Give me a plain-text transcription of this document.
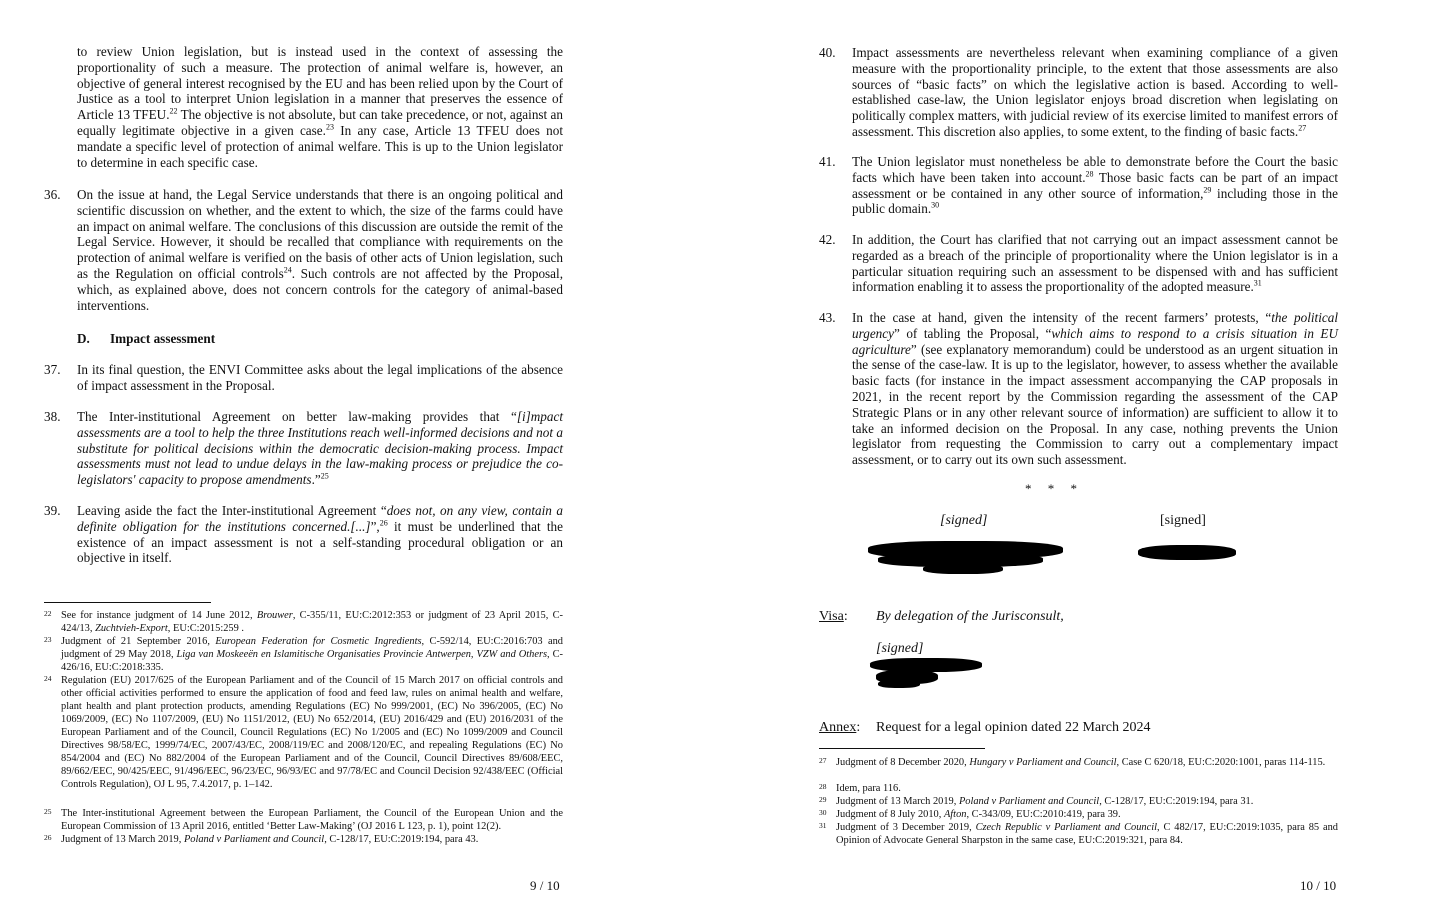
to review Union legislation, but is instead used in the context of assessing the proportionality of such a measure. The protection of animal welfare is, however, an objective of general interest recognised by the EU and has been relied upon by the Court of Justice as a tool to interpret Union legislation in a manner that preserves the essence of Article 13 TFEU.$^{22}$ The objective is not absolute, but can take precedence, or not, against an equally legitimate objective in a given case.$^{23}$ In any case, Article 13 TFEU does not mandate a specific level of protection of animal welfare. This is up to the Union legislator to determine in each specific case.
36. On the issue at hand, the Legal Service understands that there is an ongoing political and scientific discussion on whether, and the extent to which, the size of the farms could have an impact on animal welfare. The conclusions of this discussion are outside the remit of the Legal Service. However, it should be recalled that compliance with requirements on the protection of animal welfare is verified on the basis of other acts of Union legislation, such as the Regulation on official controls$^{24}$. Such controls are not affected by the Proposal, which, as explained above, does not concern controls for the category of animal-based interventions.
D. Impact assessment
37. In its final question, the ENVI Committee asks about the legal implications of the absence of impact assessment in the Proposal.
38. The Inter-institutional Agreement on better law-making provides that “[i]mpact assessments are a tool to help the three Institutions reach well-informed decisions and not a substitute for political decisions within the democratic decision-making process. Impact assessments must not lead to undue delays in the law-making process or prejudice the co-legislators' capacity to propose amendments.”$^{25}$
39. Leaving aside the fact the Inter-institutional Agreement “does not, on any view, contain a definite obligation for the institutions concerned.[...]”,$^{26}$ it must be underlined that the existence of an impact assessment is not a self-standing procedural obligation or an objective in itself.
22 See for instance judgment of 14 June 2012, Brouwer, C-355/11, EU:C:2012:353 or judgment of 23 April 2015, C-424/13, Zuchtvieh-Export, EU:C:2015:259 .
23 Judgment of 21 September 2016, European Federation for Cosmetic Ingredients, C-592/14, EU:C:2016:703 and judgment of 29 May 2018, Liga van Moskeeën en Islamitische Organisaties Provincie Antwerpen, VZW and Others, C-426/16, EU:C:2018:335.
24 Regulation (EU) 2017/625 of the European Parliament and of the Council of 15 March 2017 on official controls and other official activities performed to ensure the application of food and feed law, rules on animal health and welfare, plant health and plant protection products, amending Regulations (EC) No 999/2001, (EC) No 396/2005, (EC) No 1069/2009, (EC) No 1107/2009, (EU) No 1151/2012, (EU) No 652/2014, (EU) 2016/429 and (EU) 2016/2031 of the European Parliament and of the Council, Council Regulations (EC) No 1/2005 and (EC) No 1099/2009 and Council Directives 98/58/EC, 1999/74/EC, 2007/43/EC, 2008/119/EC and 2008/120/EC, and repealing Regulations (EC) No 854/2004 and (EC) No 882/2004 of the European Parliament and of the Council, Council Directives 89/608/EEC, 89/662/EEC, 90/425/EEC, 91/496/EEC, 96/23/EC, 96/93/EC and 97/78/EC and Council Decision 92/438/EEC (Official Controls Regulation), OJ L 95, 7.4.2017, p. 1–142.
25 The Inter-institutional Agreement between the European Parliament, the Council of the European Union and the European Commission of 13 April 2016, entitled ‘Better Law-Making’ (OJ 2016 L 123, p. 1), point 12(2).
26 Judgment of 13 March 2019, Poland v Parliament and Council, C-128/17, EU:C:2019:194, para 43.
9 / 10
40. Impact assessments are nevertheless relevant when examining compliance of a given measure with the proportionality principle, to the extent that those assessments are also sources of “basic facts” on which the legislative action is based. According to well-established case-law, the Union legislator enjoys broad discretion when legislating on politically complex matters, with judicial review of its exercise limited to manifest errors of assessment. This discretion also applies, to some extent, to the finding of basic facts.$^{27}$
41. The Union legislator must nonetheless be able to demonstrate before the Court the basic facts which have been taken into account.$^{28}$ Those basic facts can be part of an impact assessment or be contained in any other source of information,$^{29}$ including those in the public domain.$^{30}$
42. In addition, the Court has clarified that not carrying out an impact assessment cannot be regarded as a breach of the principle of proportionality where the Union legislator is in a particular situation requiring such an assessment to be dispensed with and has sufficient information enabling it to assess the proportionality of the adopted measure.$^{31}$
43. In the case at hand, given the intensity of the recent farmers’ protests, “the political urgency” of tabling the Proposal, “which aims to respond to a crisis situation in EU agriculture” (see explanatory memorandum) could be understood as an urgent situation in the sense of the case-law. It is up to the legislator, however, to assess whether the available basic facts (for instance in the impact assessment accompanying the CAP proposals in 2021, in the recent report by the Commission regarding the assessment of the CAP Strategic Plans or in any other relevant source of information) are sufficient to allow it to take an informed decision on the Proposal. In any case, nothing prevents the Union legislator from requesting the Commission to carry out a complementary impact assessment, or to carry out its own such assessment.
*     *     *
[signed]	[signed]
Visa: By delegation of the Jurisconsult,
[signed]
Annex: Request for a legal opinion dated 22 March 2024
27 Judgment of 8 December 2020, Hungary v Parliament and Council, Case C 620/18, EU:C:2020:1001, paras 114-115.
28 Idem, para 116.
29 Judgment of 13 March 2019, Poland v Parliament and Council, C-128/17, EU:C:2019:194, para 31.
30 Judgment of 8 July 2010, Afton, C-343/09, EU:C:2010:419, para 39.
31 Judgment of 3 December 2019, Czech Republic v Parliament and Council, C 482/17, EU:C:2019:1035, para 85 and Opinion of Advocate General Sharpston in the same case, EU:C:2019:321, para 84.
10 / 10
